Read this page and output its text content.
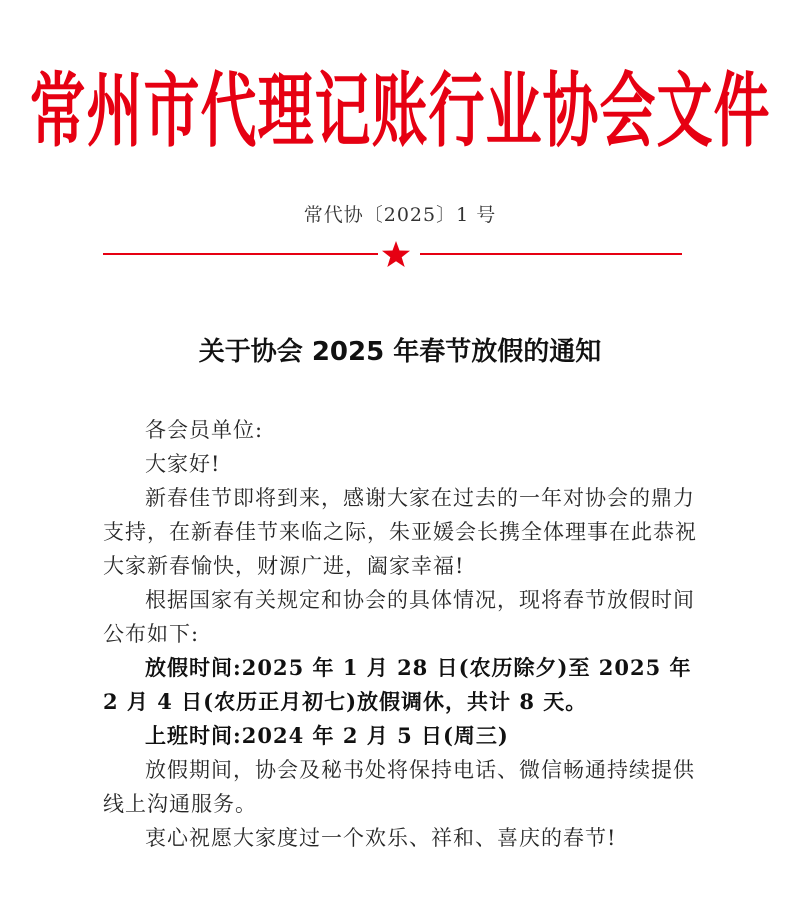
常州市代理记账行业协会文件
常代协〔2025〕1 号
关于协会 2025 年春节放假的通知

各会员单位:

大家好!

新春佳节即将到来，感谢大家在过去的一年对协会的鼎力支持，在新春佳节来临之际，朱亚媛会长携全体理事在此恭祝大家新春愉快，财源广进，阖家幸福!

根据国家有关规定和协会的具体情况，现将春节放假时间公布如下:

放假时间:2025 年 1 月 28 日(农历除夕)至 2025 年 2 月 4 日(农历正月初七)放假调休，共计 8 天。

上班时间:2024 年 2 月 5 日(周三)

放假期间，协会及秘书处将保持电话、微信畅通持续提供线上沟通服务。

衷心祝愿大家度过一个欢乐、祥和、喜庆的春节!
